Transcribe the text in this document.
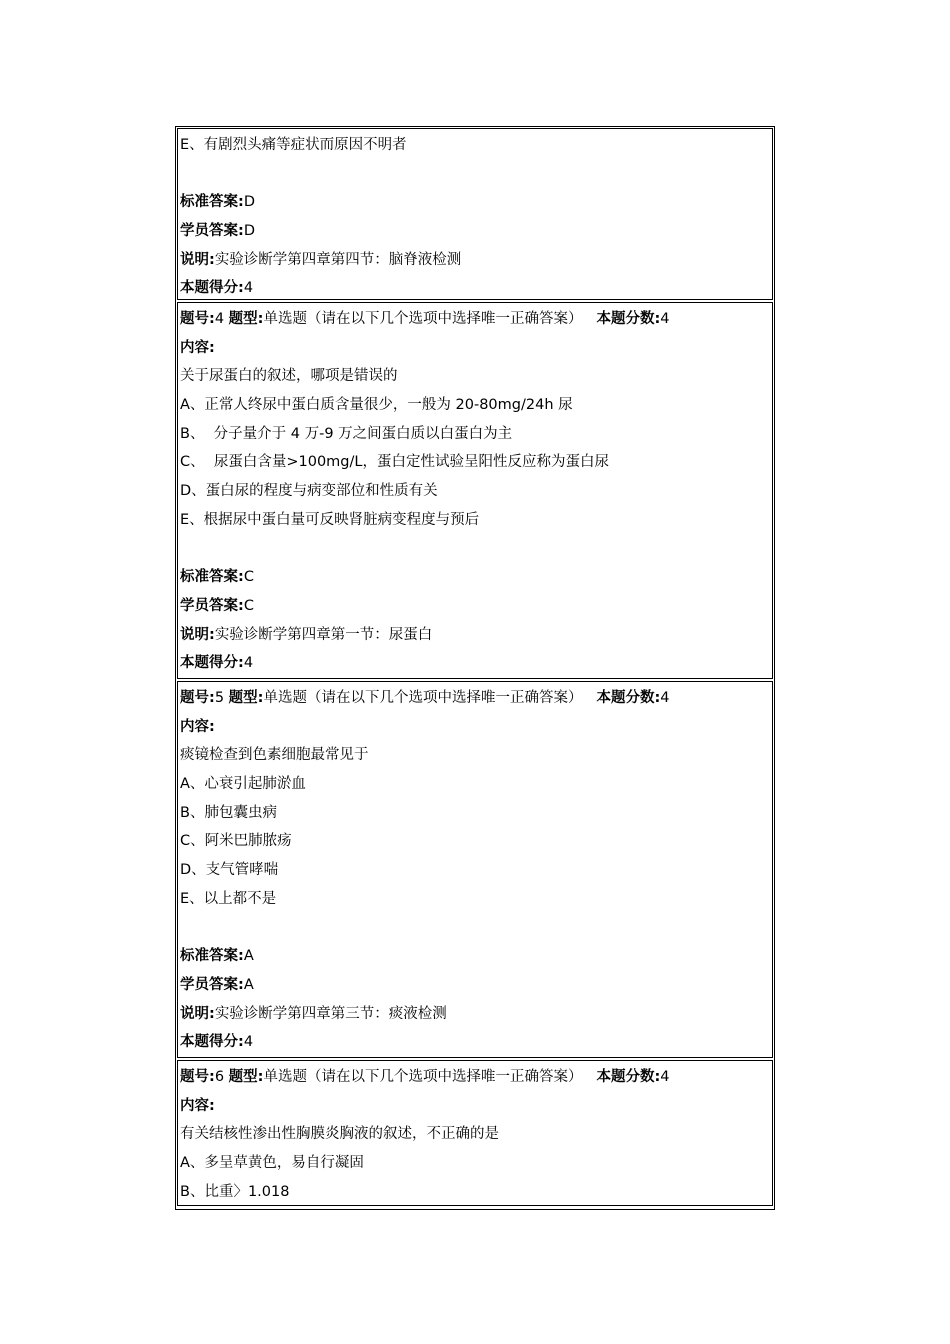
E、有剧烈头痛等症状而原因不明者
标准答案:D
学员答案:D
说明:实验诊断学第四章第四节：脑脊液检测
本题得分:4
题号:4 题型:单选题（请在以下几个选项中选择唯一正确答案） 本题分数:4
内容:
关于尿蛋白的叙述，哪项是错误的
A、正常人终尿中蛋白质含量很少，一般为 20-80mg/24h 尿
B、  分子量介于 4 万-9 万之间蛋白质以白蛋白为主
C、  尿蛋白含量>100mg/L，蛋白定性试验呈阳性反应称为蛋白尿
D、蛋白尿的程度与病变部位和性质有关
E、根据尿中蛋白量可反映肾脏病变程度与预后
标准答案:C
学员答案:C
说明:实验诊断学第四章第一节：尿蛋白
本题得分:4
题号:5 题型:单选题（请在以下几个选项中选择唯一正确答案） 本题分数:4
内容:
痰镜检查到色素细胞最常见于
A、心衰引起肺淤血
B、肺包囊虫病
C、阿米巴肺脓疡
D、支气管哮喘
E、以上都不是
标准答案:A
学员答案:A
说明:实验诊断学第四章第三节：痰液检测
本题得分:4
题号:6 题型:单选题（请在以下几个选项中选择唯一正确答案） 本题分数:4
内容:
有关结核性渗出性胸膜炎胸液的叙述，不正确的是
A、多呈草黄色，易自行凝固
B、比重〉1.018
